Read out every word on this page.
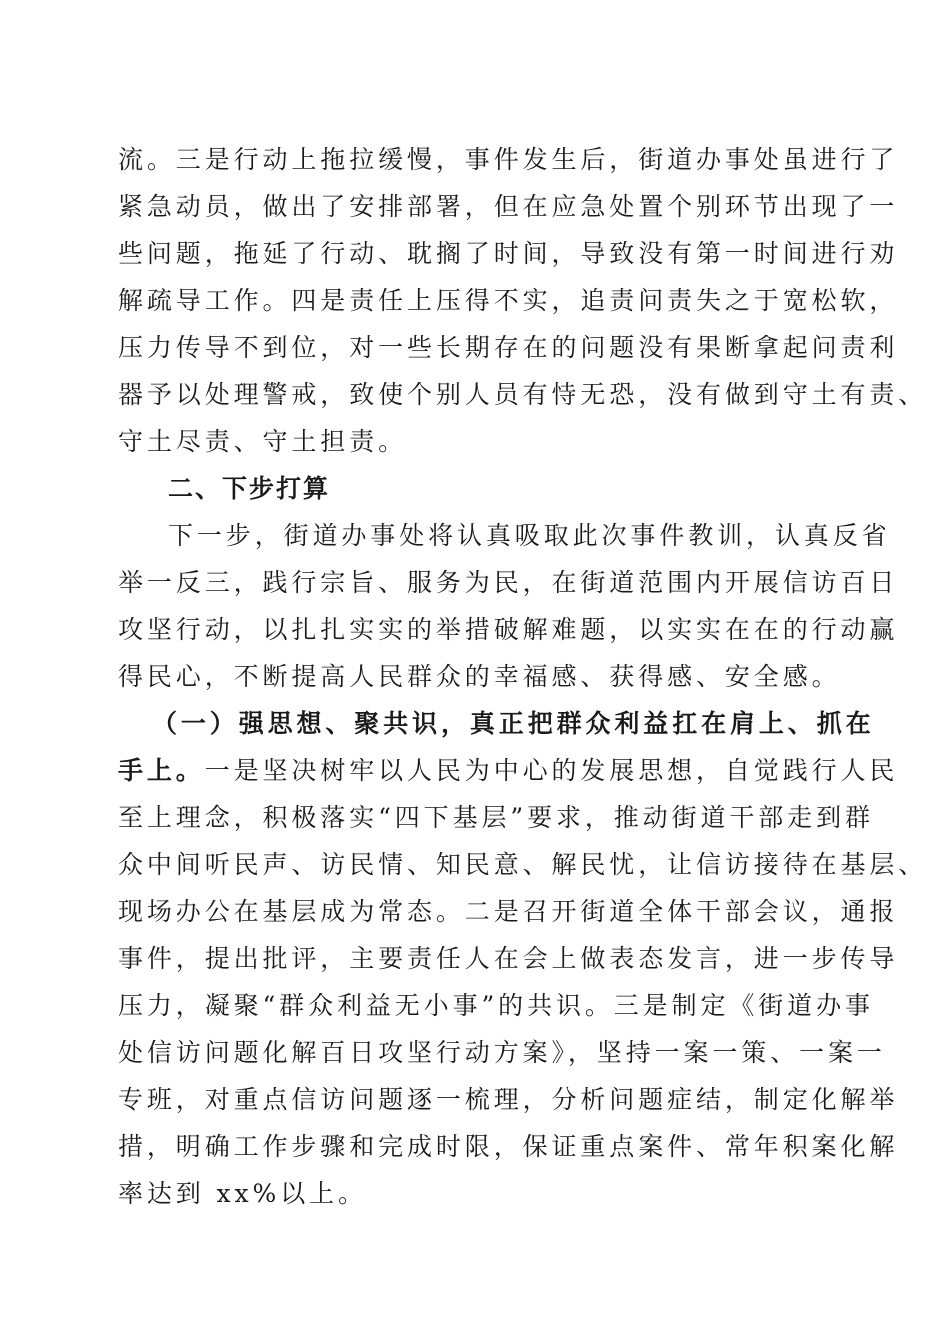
流。三是行动上拖拉缓慢，事件发生后，街道办事处虽进行了
紧急动员，做出了安排部署，但在应急处置个别环节出现了一
些问题，拖延了行动、耽搁了时间，导致没有第一时间进行劝
解疏导工作。四是责任上压得不实，追责问责失之于宽松软，
压力传导不到位，对一些长期存在的问题没有果断拿起问责利
器予以处理警戒，致使个别人员有恃无恐，没有做到守土有责、
守土尽责、守土担责。
二、下步打算
下一步，街道办事处将认真吸取此次事件教训，认真反省
举一反三，践行宗旨、服务为民，在街道范围内开展信访百日
攻坚行动，以扎扎实实的举措破解难题，以实实在在的行动赢
得民心，不断提高人民群众的幸福感、获得感、安全感。
（一）强思想、聚共识，真正把群众利益扛在肩上、抓在
手上。一是坚决树牢以人民为中心的发展思想，自觉践行人民
至上理念，积极落实“四下基层”要求，推动街道干部走到群
众中间听民声、访民情、知民意、解民忧，让信访接待在基层、
现场办公在基层成为常态。二是召开街道全体干部会议，通报
事件，提出批评，主要责任人在会上做表态发言，进一步传导
压力，凝聚“群众利益无小事”的共识。三是制定《街道办事
处信访问题化解百日攻坚行动方案》，坚持一案一策、一案一
专班，对重点信访问题逐一梳理，分析问题症结，制定化解举
措，明确工作步骤和完成时限，保证重点案件、常年积案化解
率达到 xx%以上。
